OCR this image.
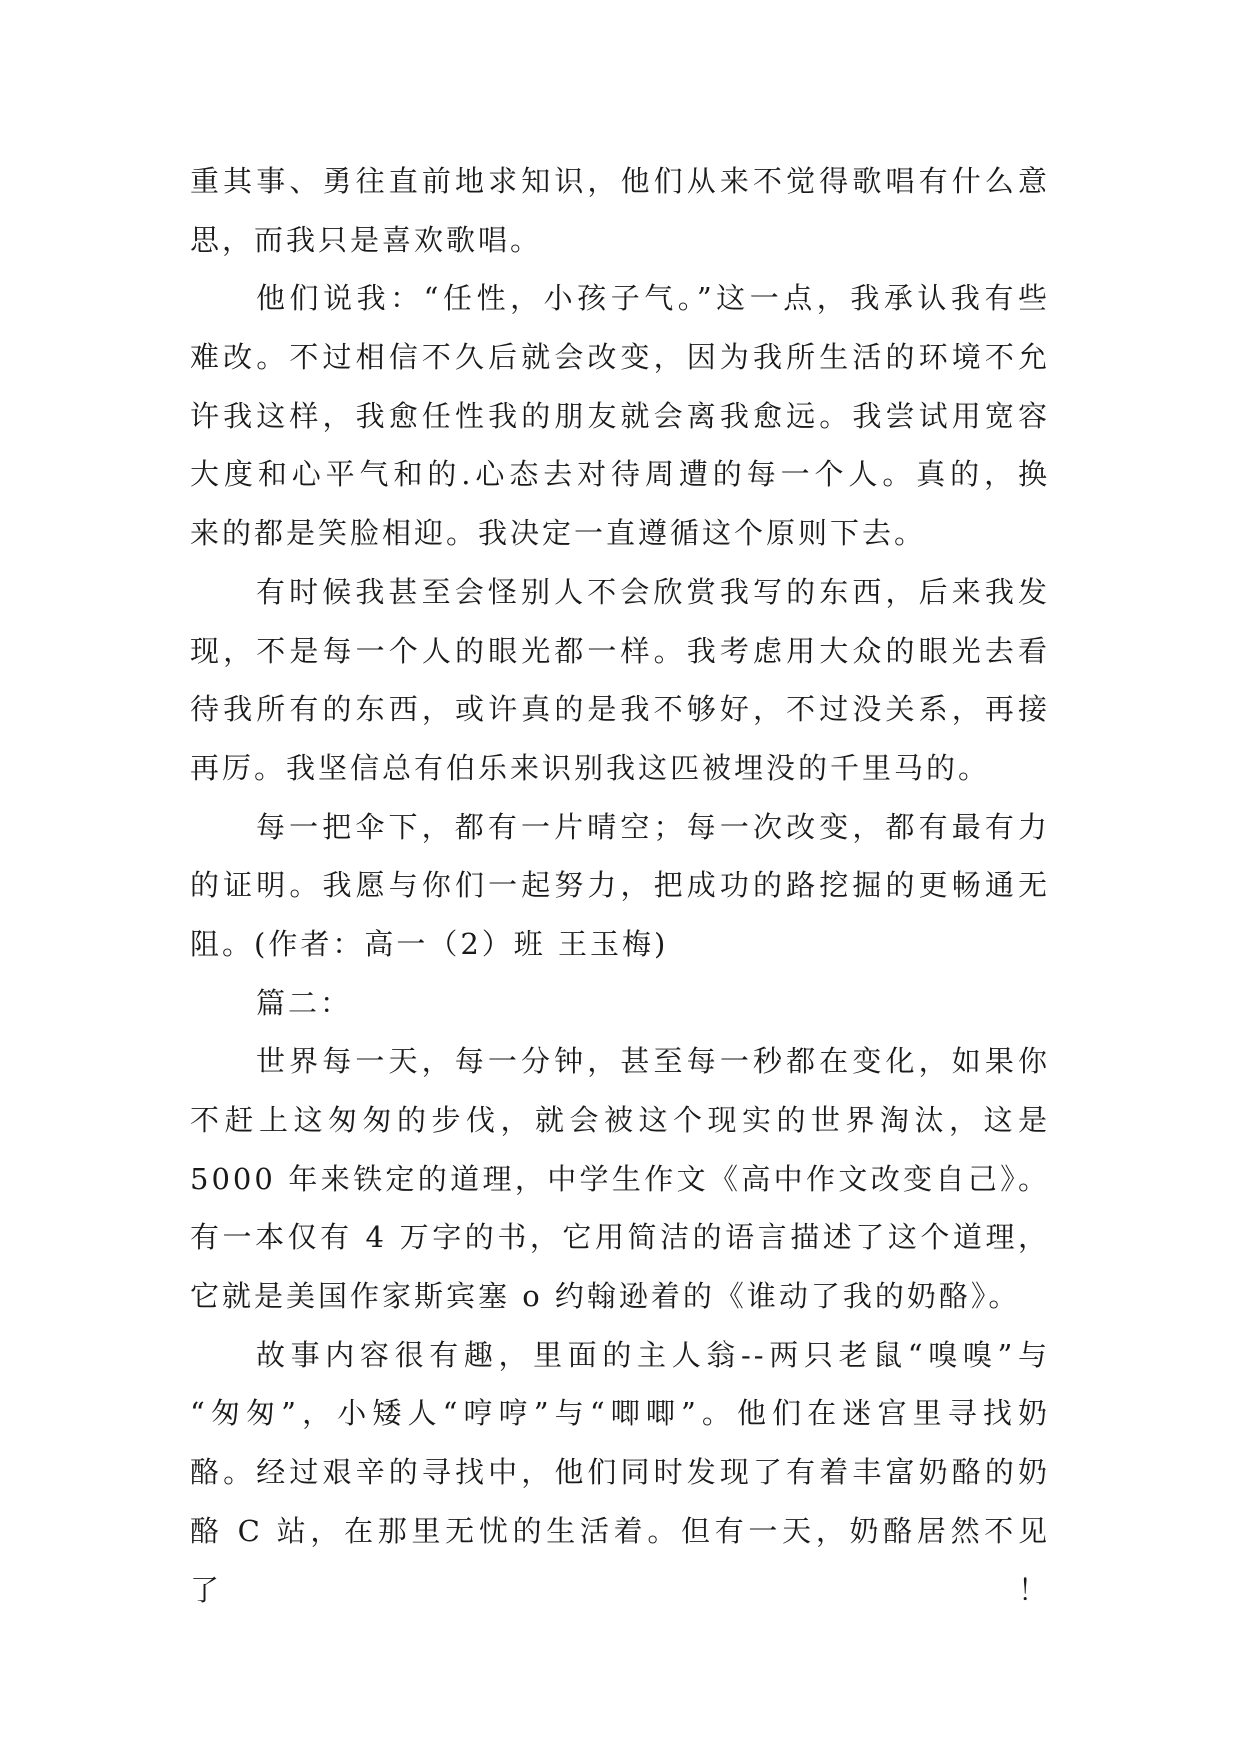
重其事、勇往直前地求知识，他们从来不觉得歌唱有什么意
思，而我只是喜欢歌唱。
他们说我：“任性，小孩子气。”这一点，我承认我有些
难改。不过相信不久后就会改变，因为我所生活的环境不允
许我这样，我愈任性我的朋友就会离我愈远。我尝试用宽容
大度和心平气和的.心态去对待周遭的每一个人。真的，换
来的都是笑脸相迎。我决定一直遵循这个原则下去。
有时候我甚至会怪别人不会欣赏我写的东西，后来我发
现，不是每一个人的眼光都一样。我考虑用大众的眼光去看
待我所有的东西，或许真的是我不够好，不过没关系，再接
再厉。我坚信总有伯乐来识别我这匹被埋没的千里马的。
每一把伞下，都有一片晴空；每一次改变，都有最有力
的证明。我愿与你们一起努力，把成功的路挖掘的更畅通无
阻。(作者：高一（2）班 王玉梅)
篇二：
世界每一天，每一分钟，甚至每一秒都在变化，如果你
不赶上这匆匆的步伐，就会被这个现实的世界淘汰，这是
5000 年来铁定的道理，中学生作文《高中作文改变自己》。
有一本仅有 4 万字的书，它用简洁的语言描述了这个道理，
它就是美国作家斯宾塞 o 约翰逊着的《谁动了我的奶酪》。
故事内容很有趣，里面的主人翁--两只老鼠“嗅嗅”与
“匆匆”，小矮人“哼哼”与“唧唧”。他们在迷宫里寻找奶
酪。经过艰辛的寻找中，他们同时发现了有着丰富奶酪的奶
酪 C 站，在那里无忧的生活着。但有一天，奶酪居然不见了！
